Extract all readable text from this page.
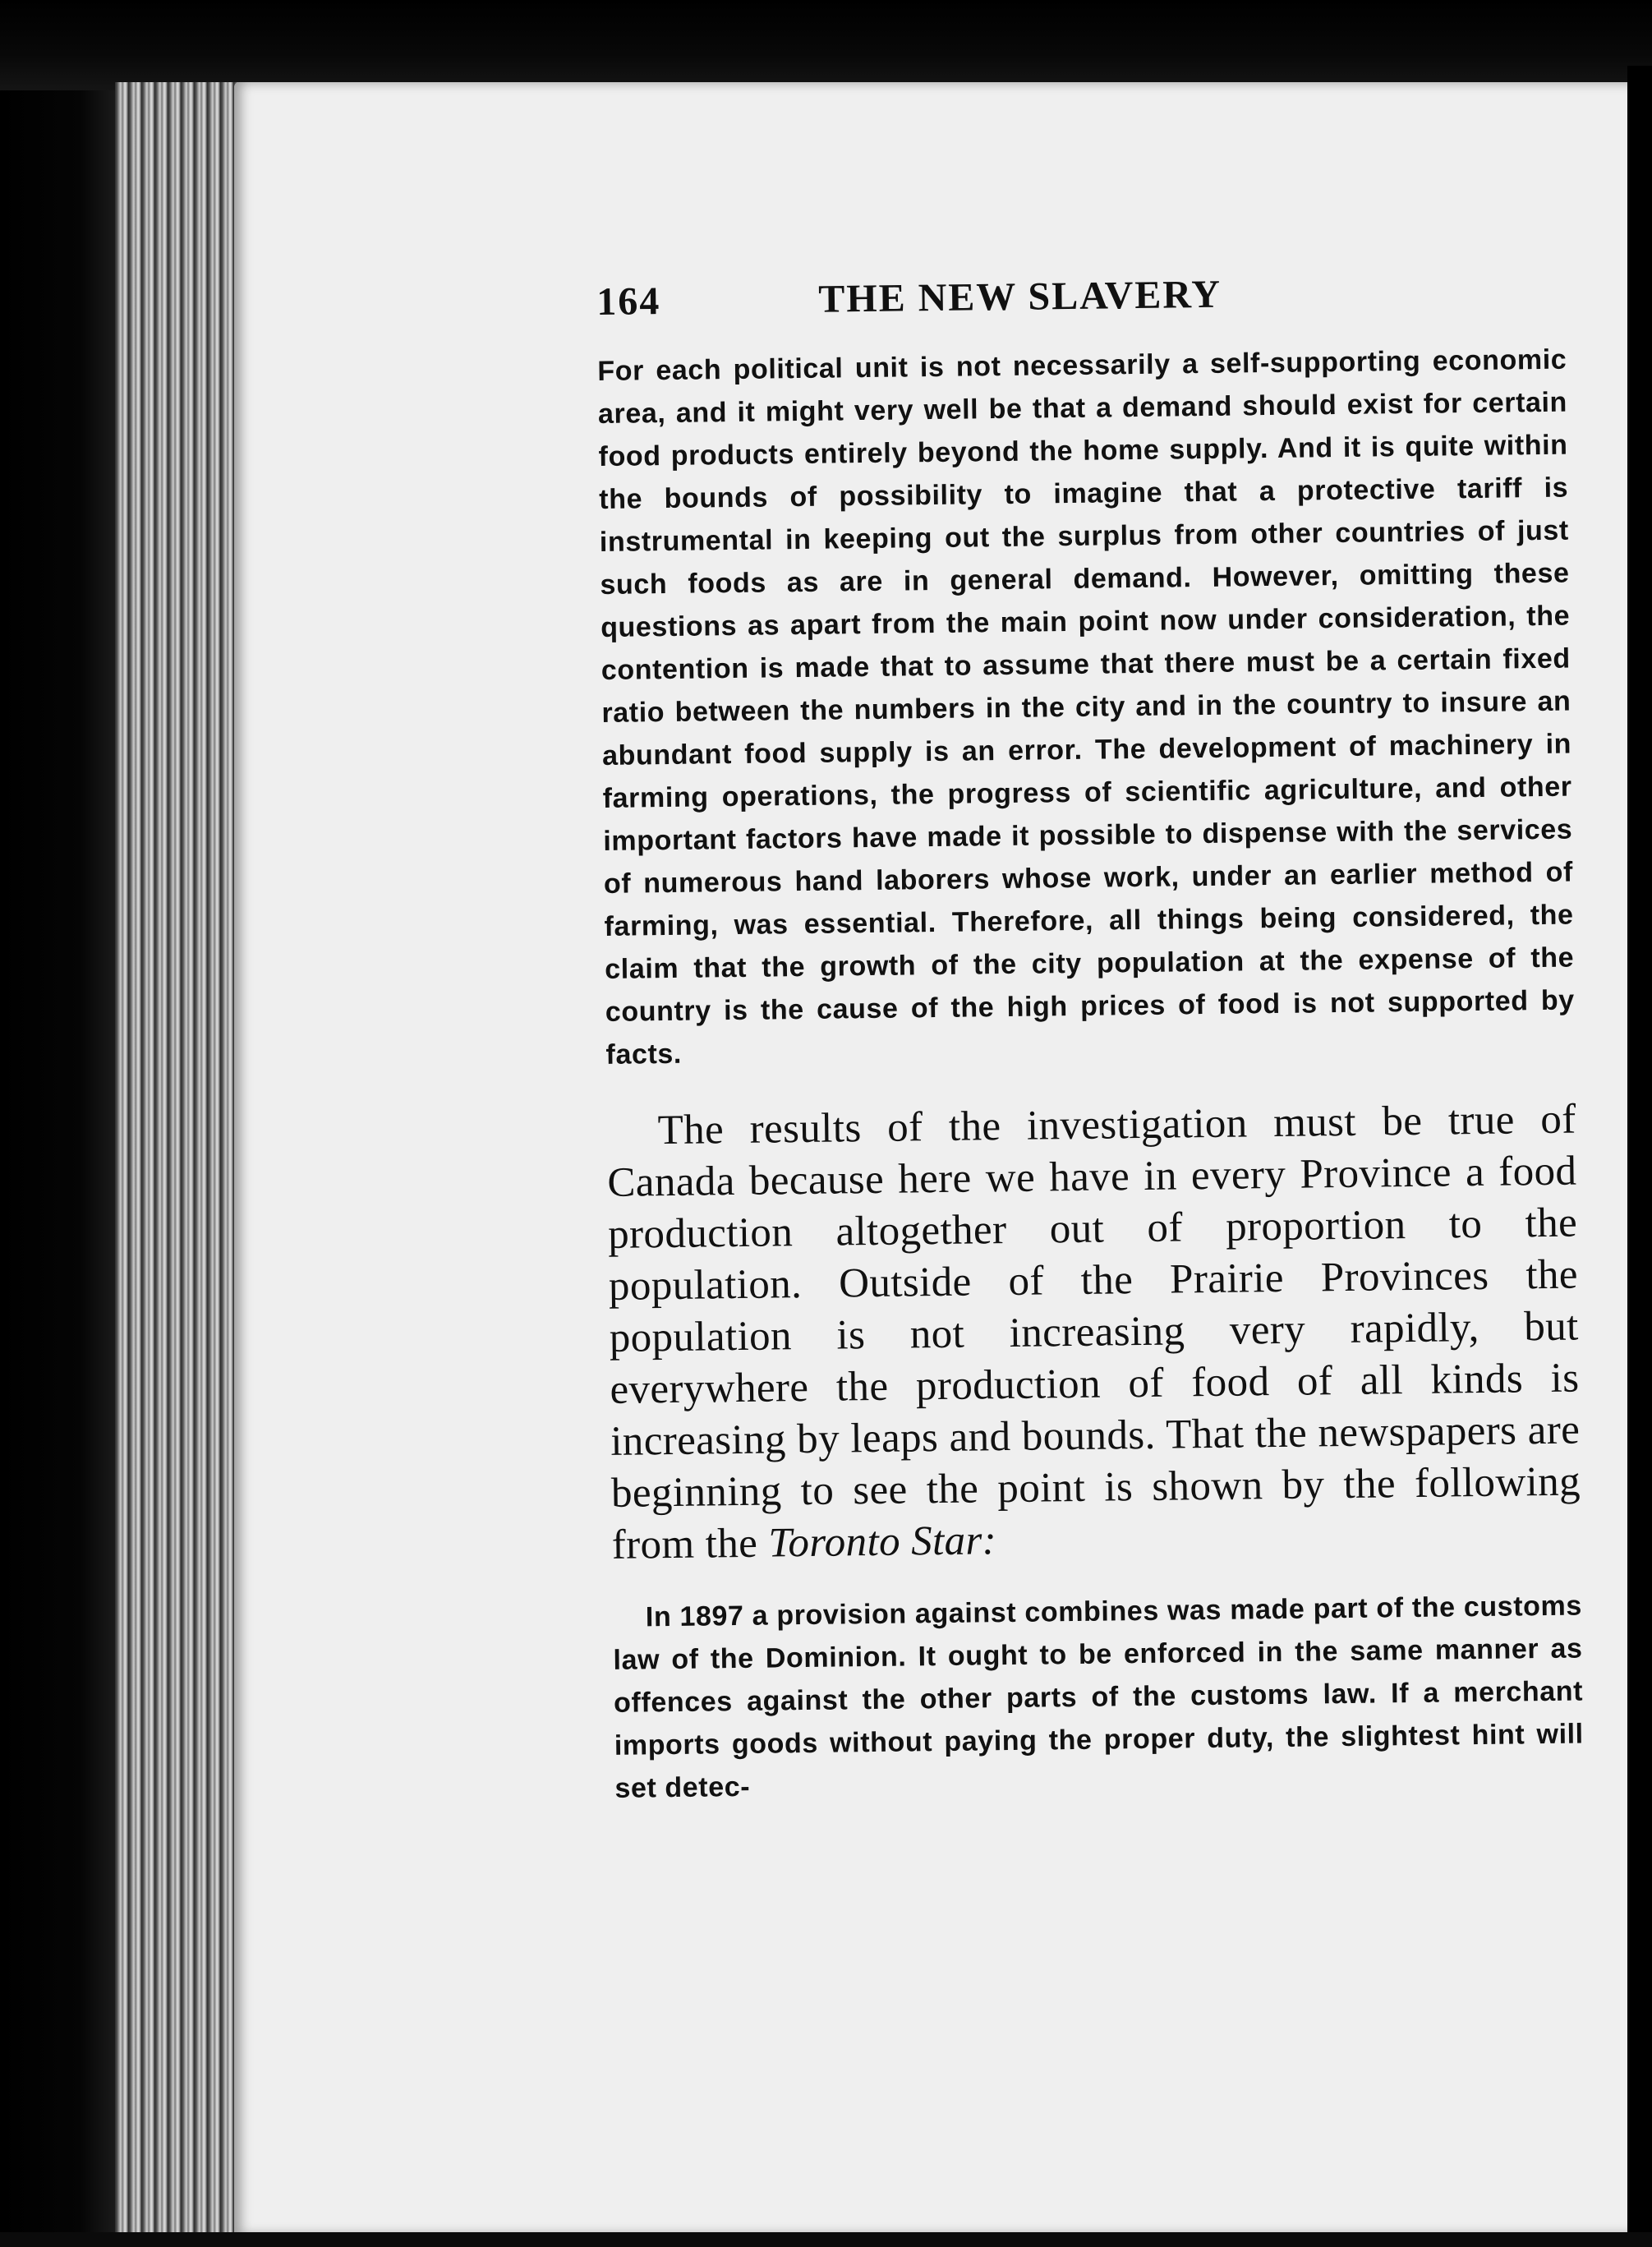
164	THE NEW SLAVERY

For each political unit is not necessarily a self-supporting economic area, and it might very well be that a demand should exist for certain food products entirely beyond the home supply. And it is quite within the bounds of possibility to imagine that a protective tariff is instrumental in keeping out the surplus from other countries of just such foods as are in general demand. However, omitting these questions as apart from the main point now under consideration, the contention is made that to assume that there must be a certain fixed ratio between the numbers in the city and in the country to insure an abundant food supply is an error. The development of machinery in farming operations, the progress of scientific agriculture, and other important factors have made it possible to dispense with the services of numerous hand laborers whose work, under an earlier method of farming, was essential. Therefore, all things being considered, the claim that the growth of the city population at the expense of the country is the cause of the high prices of food is not supported by facts.

The results of the investigation must be true of Canada because here we have in every Province a food production altogether out of proportion to the population. Outside of the Prairie Provinces the population is not increasing very rapidly, but everywhere the production of food of all kinds is increasing by leaps and bounds. That the newspapers are beginning to see the point is shown by the following from the Toronto Star:

In 1897 a provision against combines was made part of the customs law of the Dominion. It ought to be enforced in the same manner as offences against the other parts of the customs law. If a merchant imports goods without paying the proper duty, the slightest hint will set detec-
